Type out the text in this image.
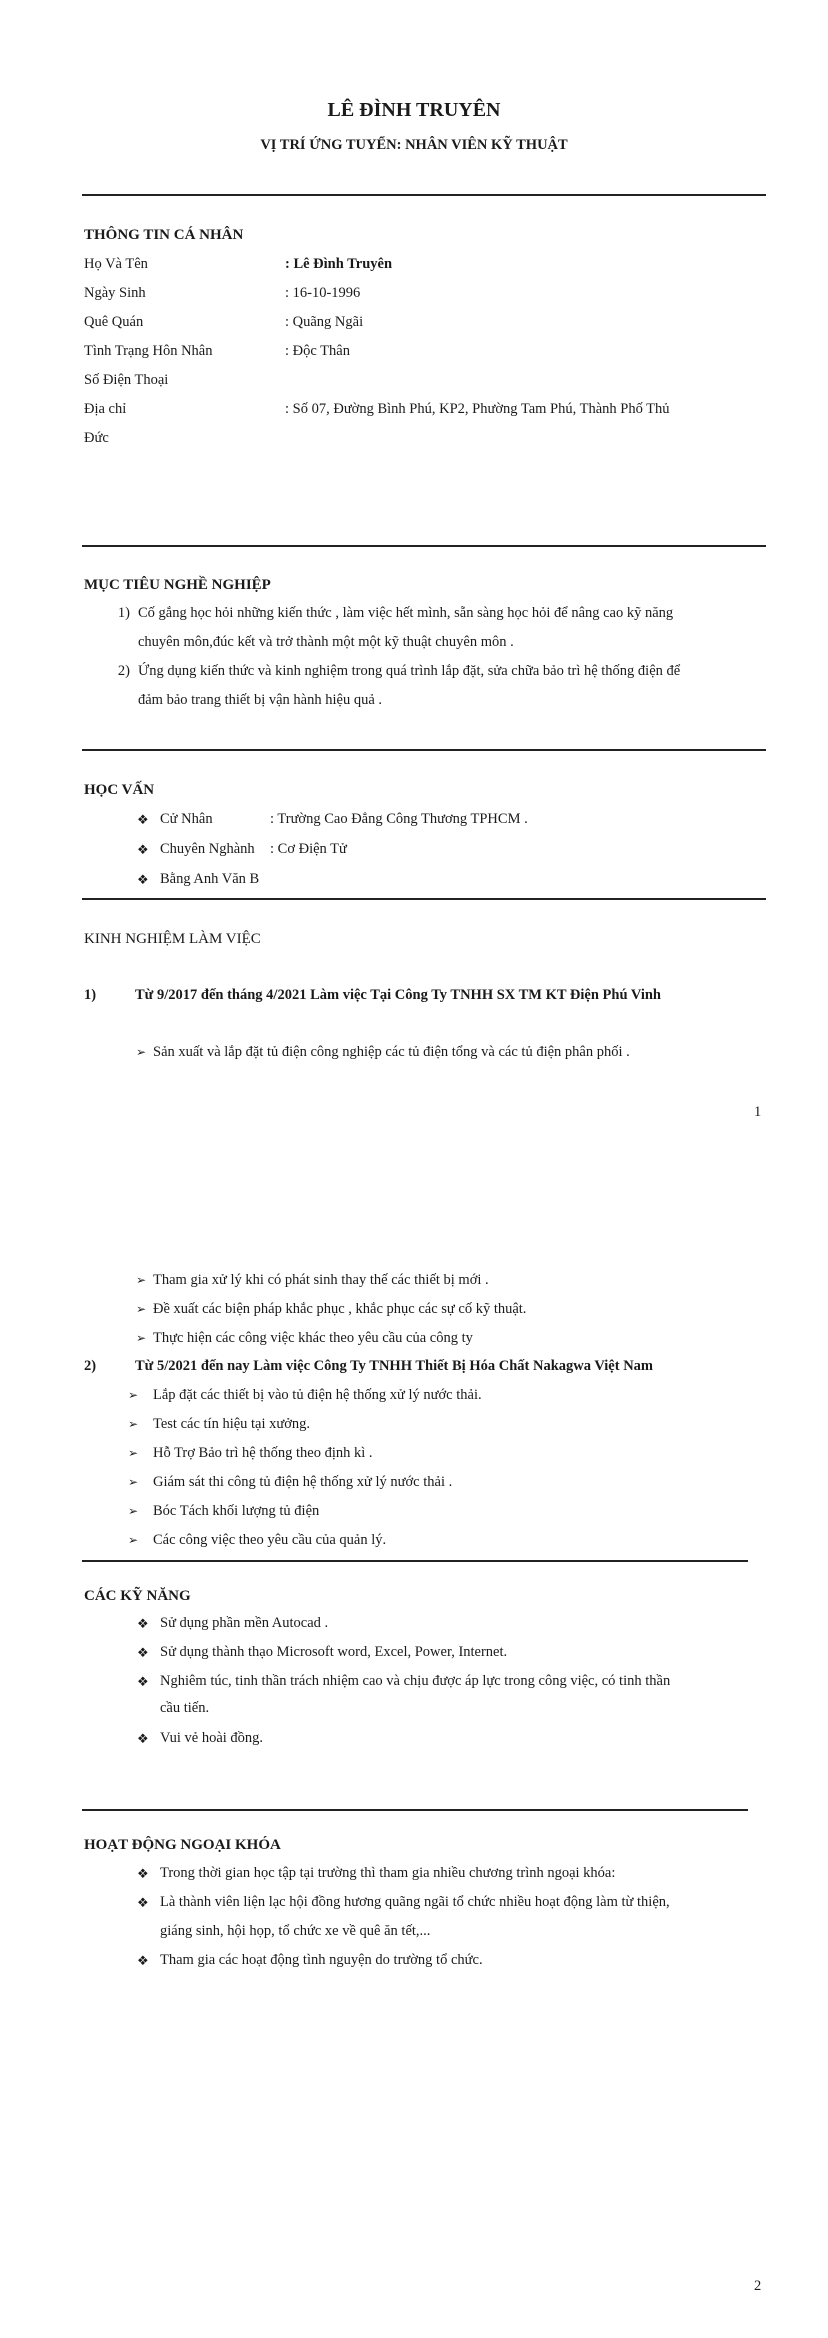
LÊ ĐÌNH TRUYÊN
VỊ TRÍ ỨNG TUYỂN: NHÂN VIÊN KỸ THUẬT
THÔNG TIN CÁ NHÂN
Họ Và Tên	: Lê Đình Truyên
Ngày Sinh	: 16-10-1996
Quê Quán	: Quãng Ngãi
Tình Trạng Hôn Nhân	: Độc Thân
Số Điện Thoại
Địa chỉ	: Số 07, Đường Bình Phú, KP2, Phường Tam Phú, Thành Phố Thủ
Đức
MỤC TIÊU NGHỀ NGHIỆP
1) Cố gắng học hỏi những kiến thức , làm việc hết mình, sẵn sàng học hỏi để nâng cao kỹ năng
chuyên môn,đúc kết và trở thành một một kỹ thuật chuyên môn .
2) Ứng dụng kiến thức và kinh nghiệm trong quá trình lắp đặt, sửa chữa bảo trì hệ thống điện để
đảm bảo trang thiết bị vận hành hiệu quả .
HỌC VẤN
❖ Cử Nhân	: Trường Cao Đẳng Công Thương TPHCM .
❖ Chuyên Nghành : Cơ Điện Tử
❖ Bằng Anh Văn B
KINH NGHIỆM LÀM VIỆC
1)	Từ 9/2017 đến tháng 4/2021 Làm việc Tại Công Ty TNHH SX TM KT Điện Phú Vinh
➢ Sản xuất và lắp đặt tủ điện công nghiệp các tủ điện tổng và các tủ điện phân phối .
1
➢ Tham gia xử lý khi có phát sinh thay thế các thiết bị mới .
➢ Đề xuất các biện pháp khắc phục , khắc phục các sự cố kỹ thuật.
➢ Thực hiện các công việc khác theo yêu cầu của công ty
2)	Từ 5/2021 đến nay Làm việc Công Ty TNHH Thiết Bị Hóa Chất Nakagwa Việt Nam
➢ Lắp đặt các thiết bị vào tủ điện hệ thống xử lý nước thải.
➢ Test các tín hiệu tại xưởng.
➢ Hỗ Trợ Bảo trì hệ thống theo định kì .
➢ Giám sát thi công tủ điện hệ thống xử lý nước thải .
➢ Bóc Tách khối lượng tủ điện
➢ Các công việc theo yêu cầu của quản lý.
CÁC KỸ NĂNG
❖ Sử dụng phần mền Autocad .
❖ Sử dụng thành thạo Microsoft word, Excel, Power, Internet.
❖ Nghiêm túc, tinh thần trách nhiệm cao và chịu được áp lực trong công việc, có tinh thần
cầu tiến.
❖ Vui vẻ hoài đồng.
HOẠT ĐỘNG NGOẠI KHÓA
❖ Trong thời gian học tập tại trường thì tham gia nhiều chương trình ngoại khóa:
❖ Là thành viên liện lạc hội đồng hương quãng ngãi tổ chức nhiều hoạt động làm từ thiện,
giáng sinh, hội họp, tổ chức xe về quê ăn tết,...
❖ Tham gia các hoạt động tình nguyện do trường tổ chức.
2
